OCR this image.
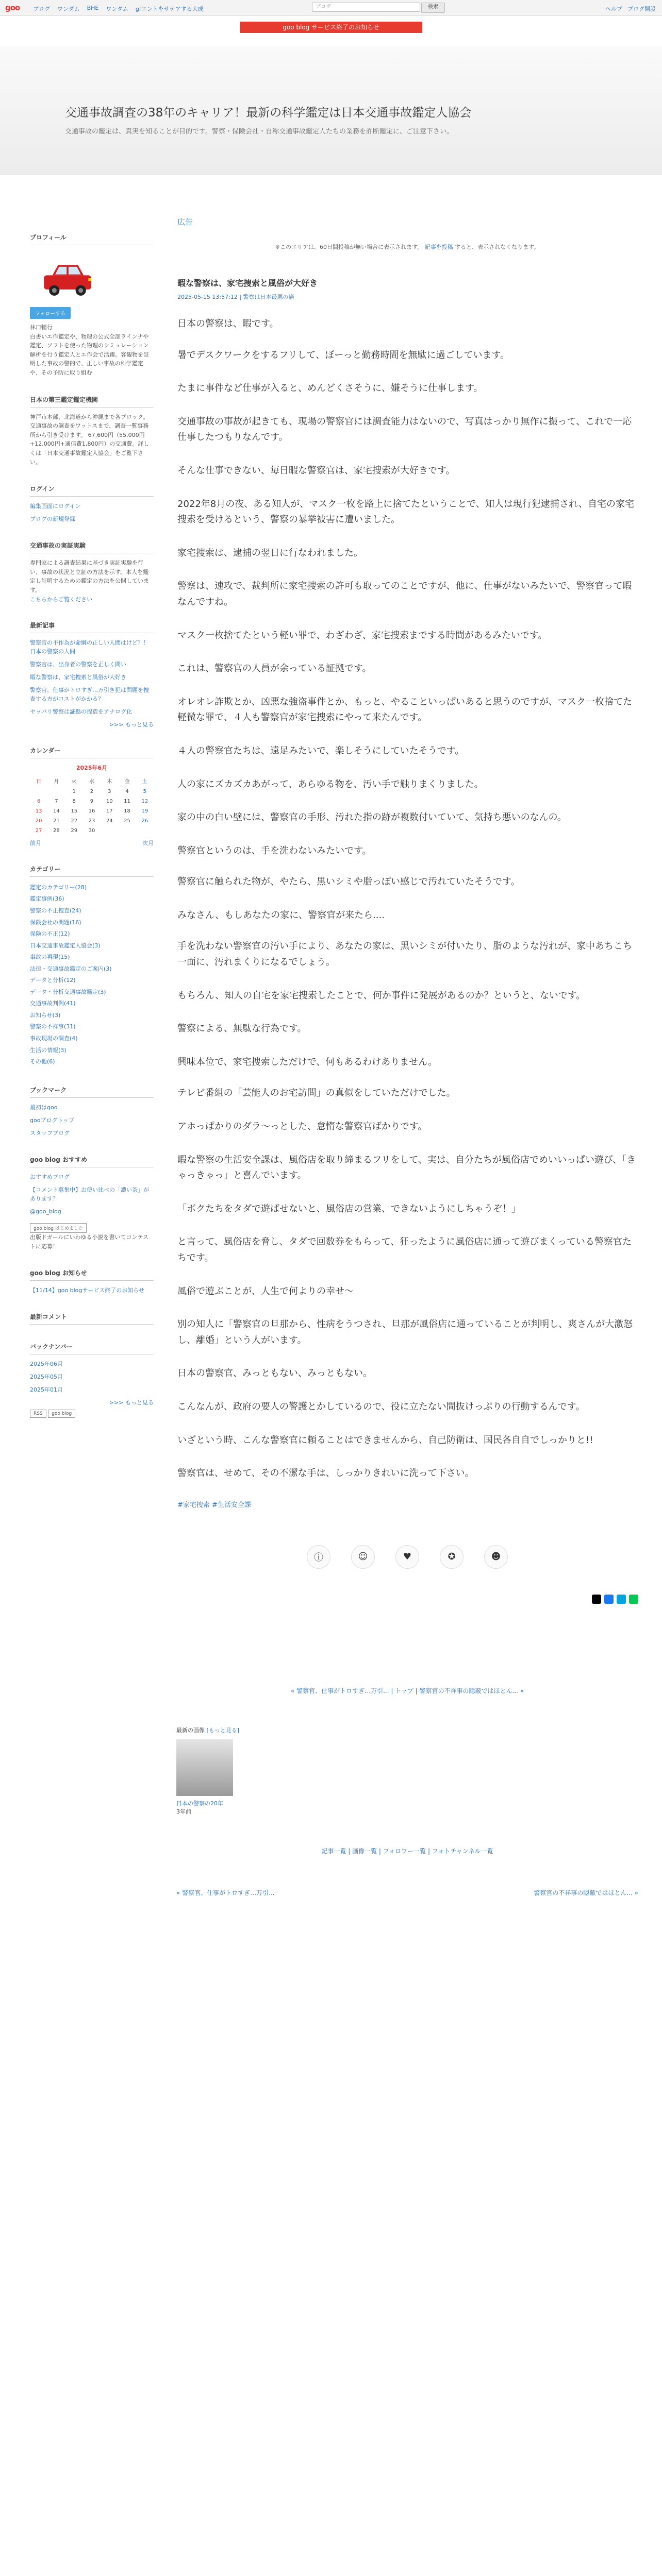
goo ブログ ワンダム BHE ワンダム gfエントをサテアする大成	ブログ	検索	ヘルプ ブログ開設
goo blog サービス終了のお知らせ
交通事故調査の38年のキャリア！最新の科学鑑定は日本交通事故鑑定人協会
交通事故の鑑定は、真実を知ることが目的です。警察・保険会社・自称交通事故鑑定人たちの業務を許断鑑定に、ご注意下さい。
プロフィール
フォローする

林口暢行

白書いエ作鑑定や、物理の公式全部ラインナや鑑定、ソフトを使った物理のシミュレーション解析を行う鑑定人とエ作会で活躍。客観物を証明した事故の警的で、正しい事故の科学鑑定や、その予防に取り組む

日本の第三鑑定鑑定機関

神戸市本部、北海道から沖縄まで各ブロック。交通事故の調査をワットスまで、調査一覧事務所から引き受けます。 67,600円（55,000円+12,000円+通信費1,800円）の交通費。詳しくは「日本交通事故鑑定人協会」をご覧下さい。

ログイン
編集画面にログイン
ブログの新規登録
交通事故の実証実験

専門家による調査結果に基づき実証実験を行い、事故の状況と立証の方法を示す。本人を鑑定し証明するための鑑定の方法を公開しています。

こちらからご覧ください
最新記事
警察官の不作為が命綱の正しい人間はけど？！ 日本の警察の人間
警察官は、出身者の警察を正しく問い
暇な警察は、家宅捜索と風俗が大好き
警察官、仕事がトロすぎ…万引き犯は問題を捜査する方がコストがかかる？
ヤッパリ警察は証拠の捏造をアナログ化
>>> もっと見る
カレンダー
2025年6月
日	月	火	水	木	金	土
		1	2	3	4	5
6	7	8	9	10	11	12
13	14	15	16	17	18	19
20	21	22	23	24	25	26
27	28	29	30			
前月	次月
カテゴリー
鑑定のカテゴリー(28)
鑑定事例(36)
警察の不正捜査(24)
保険会社の問題(16)
保険の不正(12)
日本交通事故鑑定人協会(3)
事故の再現(15)
法律・交通事故鑑定のご案内(3)
データと分析(12)
データ・分析交通事故鑑定(3)
交通事故判例(41)
お知らせ(3)
警察の不祥事(31)
事故現場の調査(4)
生活の情報(3)
その他(6)
ブックマーク
最初はgoo
gooブログトップ
スタッフブログ
goo blog おすすめ
おすすめブログ
【コメント募集中】お使い比べの「濃い茶」があります？
@goo_blog
goo blog はじめました

出版ドガールにいわゆる小説を書いてコンテストに応募！

goo blog お知らせ
【11/14】goo blogサービス終了のお知らせ
最新コメント
バックナンバー
2025年06月
2025年05月
2025年01月
>>> もっと見る
RSS goo blog
広告
※このエリアは、60日間投稿が無い場合に表示されます。 記事を投稿 すると、表示されなくなります。
暇な警察は、家宅捜索と風俗が大好き
2025-05-15 13:57:12 | 警察は日本最悪の癌

日本の警察は、暇です。

暑でデスクワークをするフリして、ぼーっと勤務時間を無駄に過ごしています。

たまに事件など仕事が入ると、めんどくさそうに、嫌そうに仕事します。

交通事故の事故が起きても、現場の警察官には調査能力はないので、写真はっかり無作に撮って、これで一応仕事したつもりなんです。

そんな仕事できない、毎日暇な警察官は、家宅捜索が大好きです。

2022年8月の夜、ある知人が、マスク一枚を路上に捨てたということで、知人は現行犯逮捕され、自宅の家宅捜索を受けるという、警察の暴挙被害に遭いました。

家宅捜索は、逮捕の翌日に行なわれました。

警察は、速攻で、裁判所に家宅捜索の許可も取ってのことですが、他に、仕事がないみたいで、警察官って暇なんですね。

マスク一枚捨てたという軽い罪で、わざわざ、家宅捜索までする時間があるみたいです。

これは、警察官の人員が余っている証拠です。

オレオレ詐欺とか、凶悪な強盗事件とか、もっと、やることいっぱいあると思うのですが、マスク一枚捨てた軽微な罪で、４人も警察官が家宅捜索にやって来たんです。

４人の警察官たちは、遠足みたいで、楽しそうにしていたそうです。

人の家にズカズカあがって、あらゆる物を、汚い手で触りまくりました。

家の中の白い壁には、警察官の手形、汚れた指の跡が複数付いていて、気持ち悪いのなんの。

警察官というのは、手を洗わないみたいです。

警察官に触られた物が、やたら、黒いシミや脂っぽい感じで汚れていたそうです。

みなさん、もしあなたの家に、警察官が来たら....

手を洗わない警察官の汚い手により、あなたの家は、黒いシミが付いたり、脂のような汚れが、家中あちこち一面に、汚れまくりになるでしょう。

もちろん、知人の自宅を家宅捜索したことで、何か事件に発展があるのか？というと、ないです。

警察による、無駄な行為です。

興味本位で、家宅捜索しただけで、何もあるわけありません。

テレビ番組の「芸能人のお宅訪問」の真似をしていただけでした。

アホっぱかりのダラ〜っとした、怠惰な警察官ばかりです。

暇な警察の生活安全課は、風俗店を取り締まるフリをして、実は、自分たちが風俗店でめいいっぱい遊び、「きゃっきゃっ」と喜んでいます。

「ボクたちをタダで遊ばせないと、風俗店の営業、できないようにしちゃうぞ！」

と言って、風俗店を脅し、タダで回数券をもらって、狂ったように風俗店に通って遊びまくっている警察官たちです。

風俗で遊ぶことが、人生で何よりの幸せ〜

別の知人に「警察官の旦那から、性病をうつされ、旦那が風俗店に通っていることが判明し、爽さんが大激怒し、離婚」という人がいます。

日本の警察官、みっともない、みっともない。

こんなんが、政府の要人の警護とかしているので、役に立たない間抜けっぷりの行動するんです。

いざという時、こんな警察官に頼ることはできませんから、自己防衛は、国民各自自でしっかりと!!

警察官は、せめて、その不潔な手は、しっかりきれいに洗って下さい。

#家宅捜索 #生活安全課
ⓘ	☺	♥	✪	☻
« 警察官、仕事がトロすぎ…万引... | トップ | 警察官の不祥事の隠蔽ではほとん... »
最新の画像 [もっと見る]
日本の警察の20年
3年前
記事一覧 | 画像一覧 | フォロワー一覧 | フォトチャンネル一覧
« 警察官、仕事がトロすぎ…万引...	警察官の不祥事の隠蔽ではほとん... »
